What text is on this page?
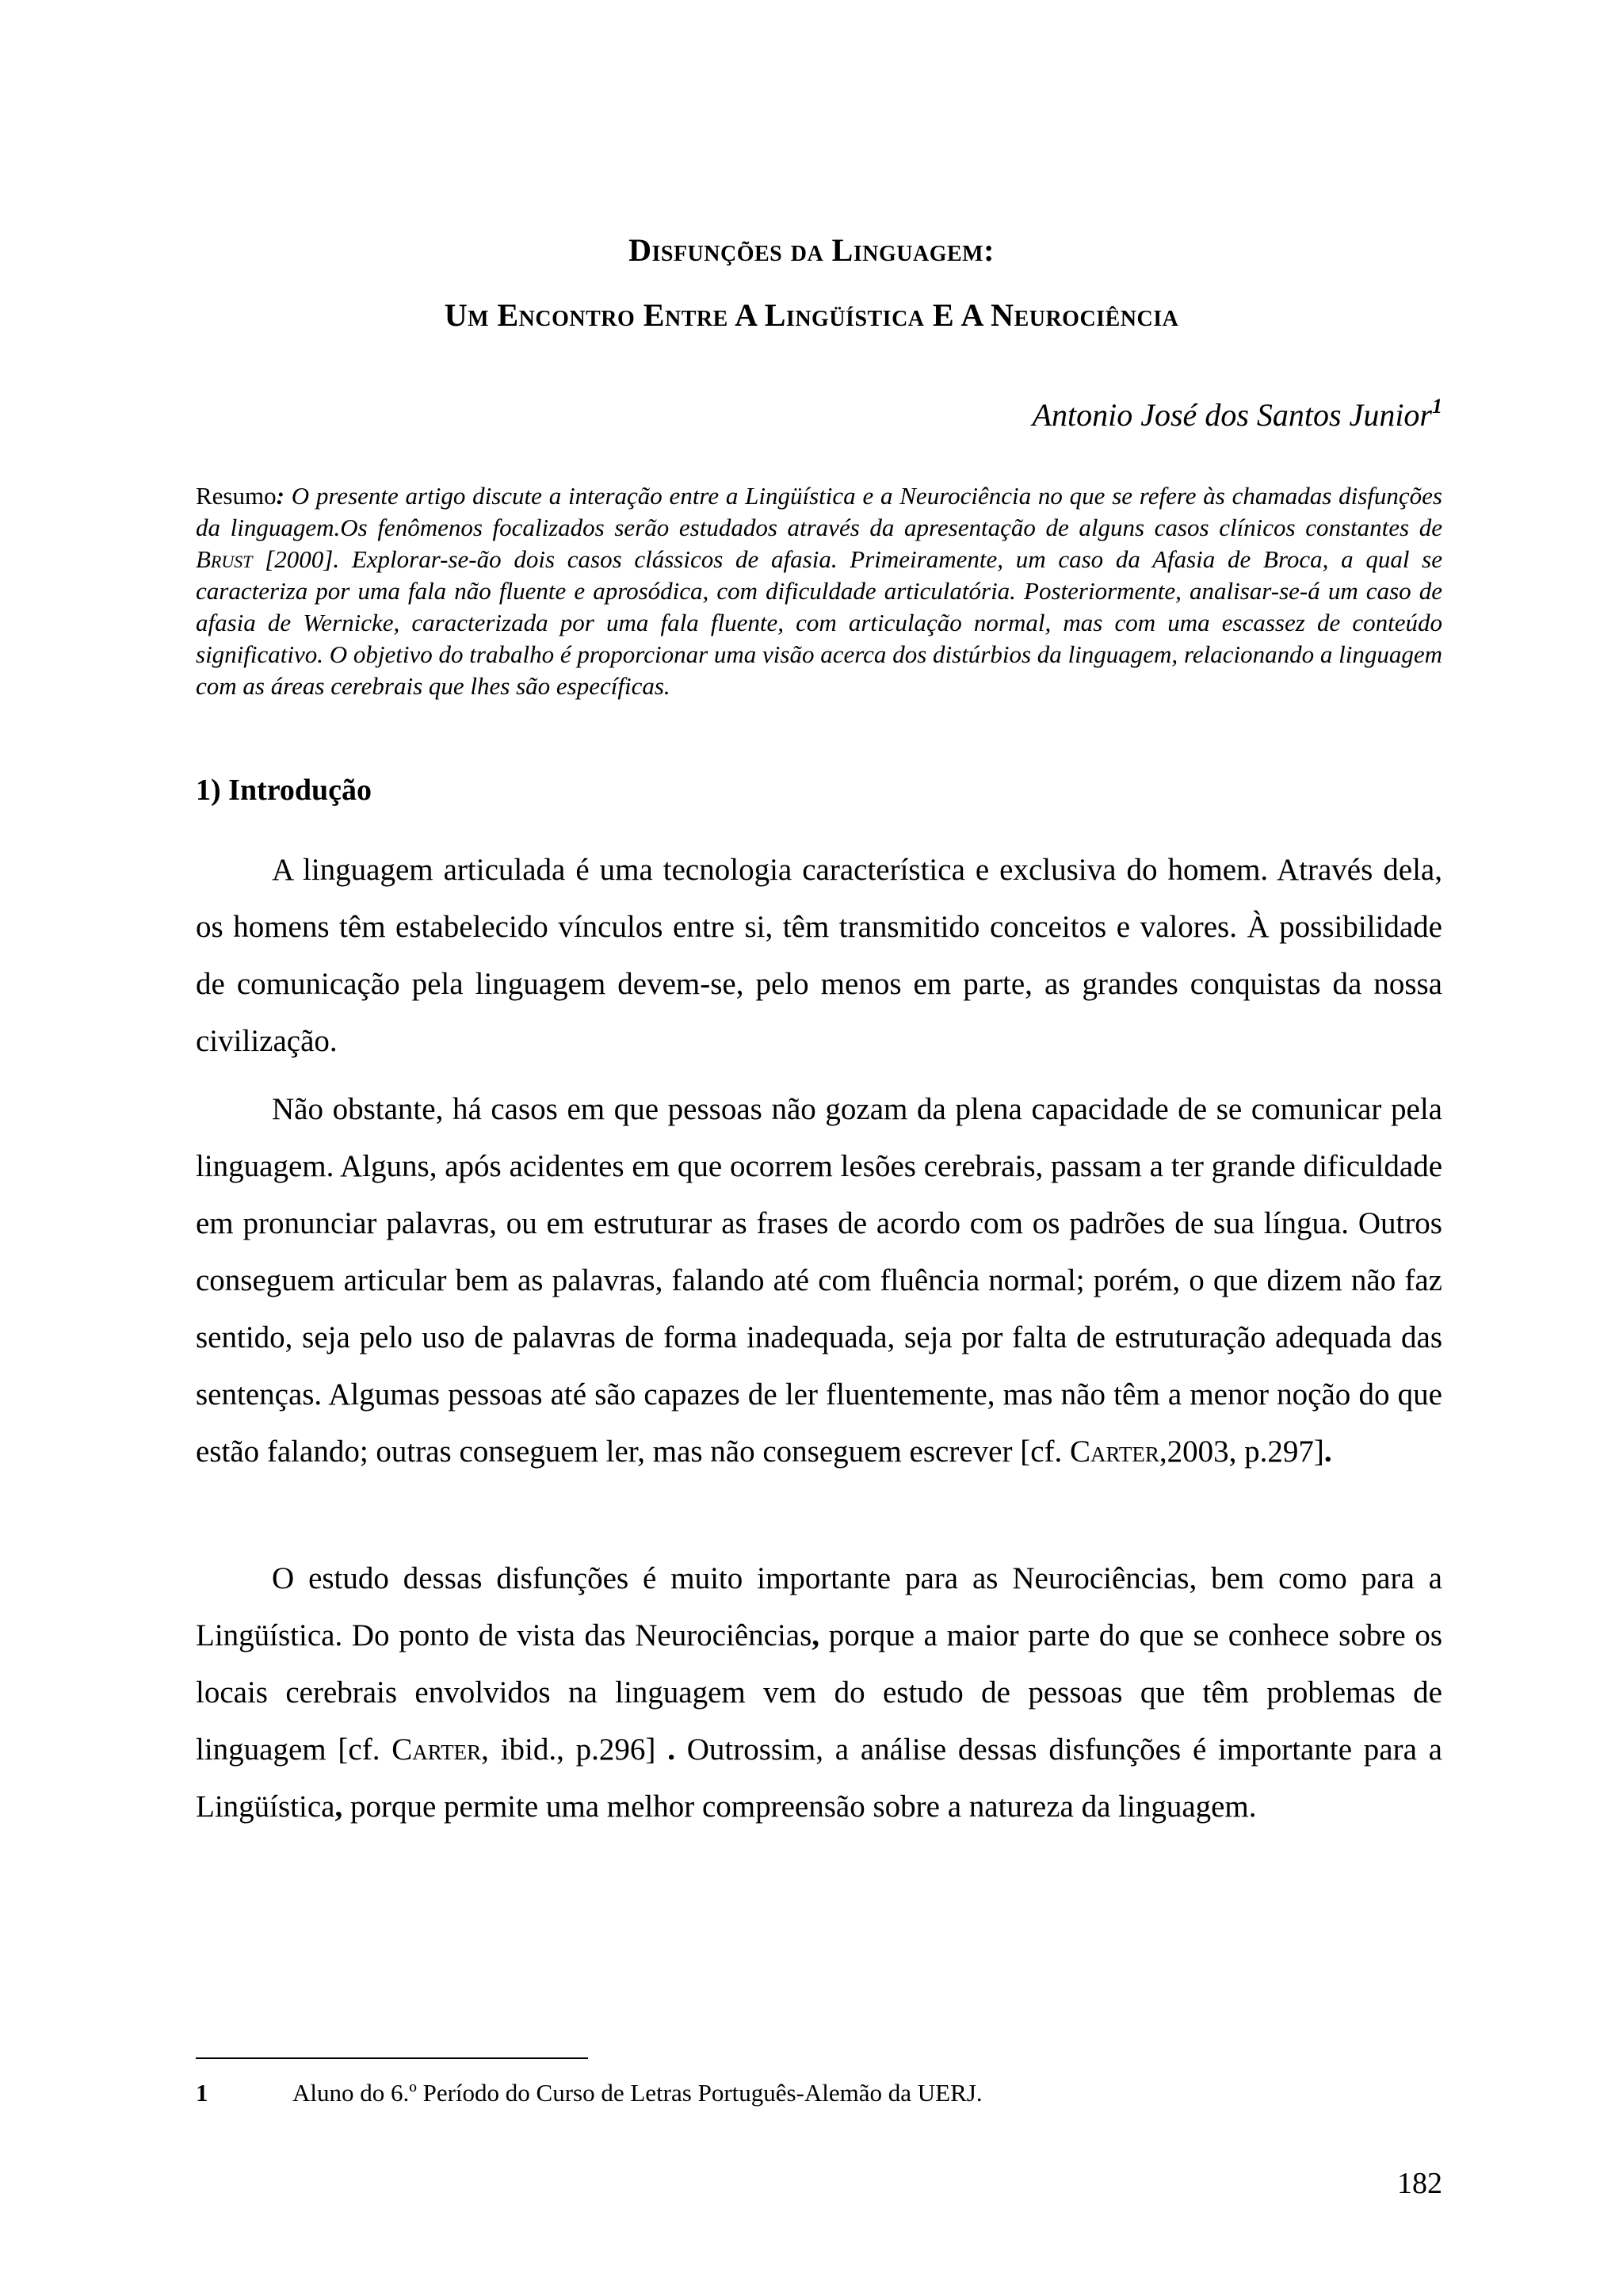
Disfunções da Linguagem:
Um Encontro Entre A Lingüística E A Neurociência
Antonio José dos Santos Junior$^1$
Resumo: O presente artigo discute a interação entre a Lingüística e a Neurociência no que se refere às chamadas disfunções da linguagem.Os fenômenos focalizados serão estudados através da apresentação de alguns casos clínicos constantes de Brust [2000]. Explorar-se-ão dois casos clássicos de afasia. Primeiramente, um caso da Afasia de Broca, a qual se caracteriza por uma fala não fluente e aprosódica, com dificuldade articulatória. Posteriormente, analisar-se-á um caso de afasia de Wernicke, caracterizada por uma fala fluente, com articulação normal, mas com uma escassez de conteúdo significativo. O objetivo do trabalho é proporcionar uma visão acerca dos distúrbios da linguagem, relacionando a linguagem com as áreas cerebrais que lhes são específicas.
1) Introdução

A linguagem articulada é uma tecnologia característica e exclusiva do homem. Através dela, os homens têm estabelecido vínculos entre si, têm transmitido conceitos e valores. À possibilidade de comunicação pela linguagem devem-se, pelo menos em parte, as grandes conquistas da nossa civilização.

Não obstante, há casos em que pessoas não gozam da plena capacidade de se comunicar pela linguagem. Alguns, após acidentes em que ocorrem lesões cerebrais, passam a ter grande dificuldade em pronunciar palavras, ou em estruturar as frases de acordo com os padrões de sua língua. Outros conseguem articular bem as palavras, falando até com fluência normal; porém, o que dizem não faz sentido, seja pelo uso de palavras de forma inadequada, seja por falta de estruturação adequada das sentenças. Algumas pessoas até são capazes de ler fluentemente, mas não têm a menor noção do que estão falando; outras conseguem ler, mas não conseguem escrever [cf. Carter,2003, p.297].

O estudo dessas disfunções é muito importante para as Neurociências, bem como para a Lingüística. Do ponto de vista das Neurociências, porque a maior parte do que se conhece sobre os locais cerebrais envolvidos na linguagem vem do estudo de pessoas que têm problemas de linguagem [cf. Carter, ibid., p.296] . Outrossim, a análise dessas disfunções é importante para a Lingüística, porque permite uma melhor compreensão sobre a natureza da linguagem.

1	Aluno do 6.º Período do Curso de Letras Português-Alemão da UERJ.
182
